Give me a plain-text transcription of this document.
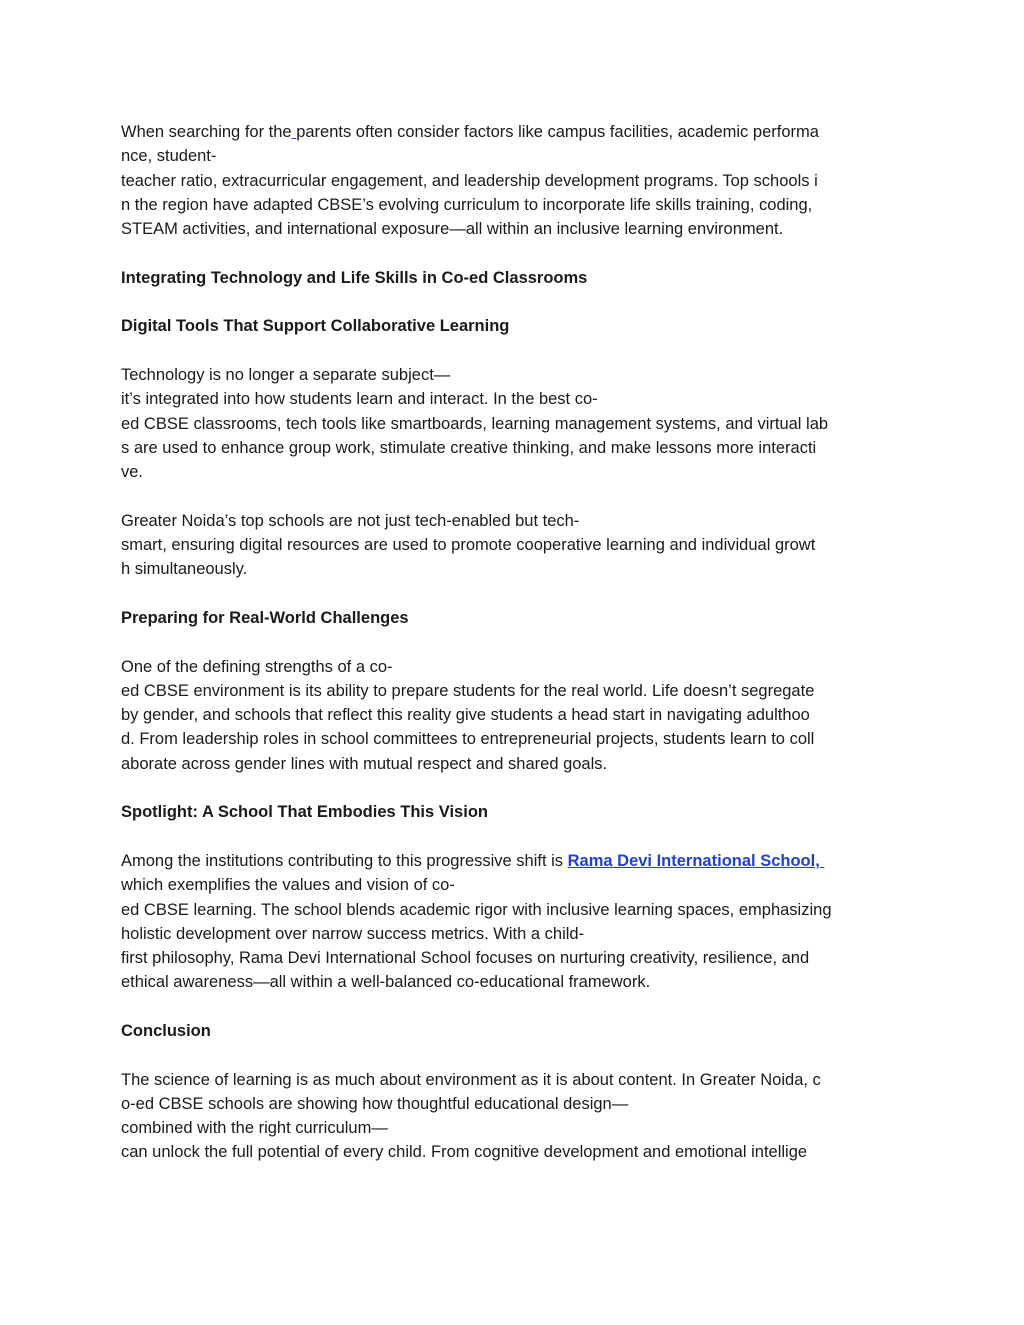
When searching for the parents often consider factors like campus facilities, academic performa
nce, student-
teacher ratio, extracurricular engagement, and leadership development programs. Top schools i
n the region have adapted CBSE’s evolving curriculum to incorporate life skills training, coding,
STEAM activities, and international exposure—all within an inclusive learning environment.
Integrating Technology and Life Skills in Co-ed Classrooms
Digital Tools That Support Collaborative Learning
Technology is no longer a separate subject—
it’s integrated into how students learn and interact. In the best co-
ed CBSE classrooms, tech tools like smartboards, learning management systems, and virtual lab
s are used to enhance group work, stimulate creative thinking, and make lessons more interacti
ve.
Greater Noida’s top schools are not just tech-enabled but tech-
smart, ensuring digital resources are used to promote cooperative learning and individual growt
h simultaneously.
Preparing for Real-World Challenges
One of the defining strengths of a co-
ed CBSE environment is its ability to prepare students for the real world. Life doesn’t segregate
by gender, and schools that reflect this reality give students a head start in navigating adulthoo
d. From leadership roles in school committees to entrepreneurial projects, students learn to coll
aborate across gender lines with mutual respect and shared goals.
Spotlight: A School That Embodies This Vision
Among the institutions contributing to this progressive shift is Rama Devi International School,
which exemplifies the values and vision of co-
ed CBSE learning. The school blends academic rigor with inclusive learning spaces, emphasizing
holistic development over narrow success metrics. With a child-
first philosophy, Rama Devi International School focuses on nurturing creativity, resilience, and
ethical awareness—all within a well-balanced co-educational framework.
Conclusion
The science of learning is as much about environment as it is about content. In Greater Noida, c
o-ed CBSE schools are showing how thoughtful educational design—
combined with the right curriculum—
can unlock the full potential of every child. From cognitive development and emotional intellige
